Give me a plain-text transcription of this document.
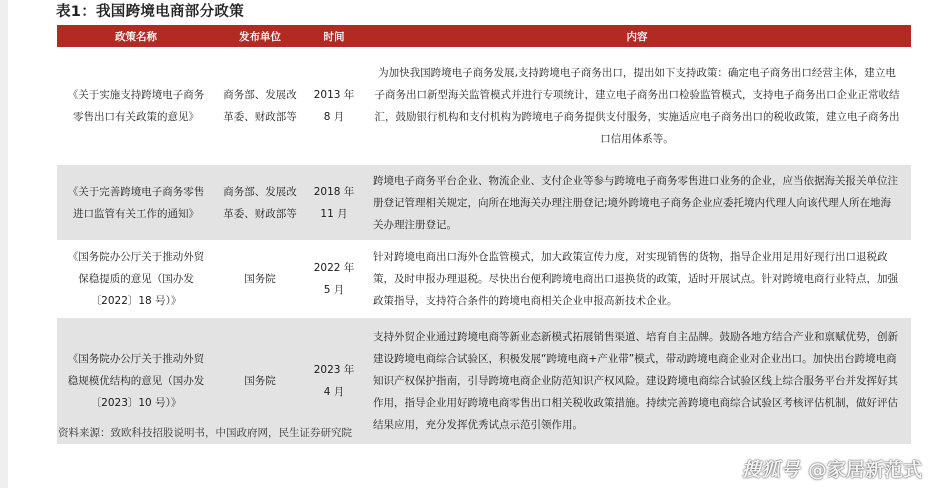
表1：我国跨境电商部分政策
政策名称	发布单位	时间	内容
《关于实施支持跨境电子商务零售出口有关政策的意见》	商务部、发展改革委、财政部等	2013 年 8 月	为加快我国跨境电子商务发展,支持跨境电子商务出口，提出如下支持政策：确定电子商务出口经营主体，建立电子商务出口新型海关监管模式并进行专项统计，建立电子商务出口检验监管模式，支持电子商务出口企业正常收结汇，鼓励银行机构和支付机构为跨境电子商务提供支付服务，实施适应电子商务出口的税收政策，建立电子商务出口信用体系等。
《关于完善跨境电子商务零售进口监管有关工作的通知》	商务部、发展改革委、财政部等	2018 年 11 月	跨境电子商务平台企业、物流企业、支付企业等参与跨境电子商务零售进口业务的企业，应当依据海关报关单位注册登记管理相关规定，向所在地海关办理注册登记;境外跨境电子商务企业应委托境内代理人向该代理人所在地海关办理注册登记。
《国务院办公厅关于推动外贸保稳提质的意见（国办发〔2022〕18 号）》	国务院	2022 年 5 月	针对跨境电商出口海外仓监管模式，加大政策宣传力度，对实现销售的货物，指导企业用足用好现行出口退税政策，及时申报办理退税。尽快出台便利跨境电商出口退换货的政策，适时开展试点。针对跨境电商行业特点，加强政策指导，支持符合条件的跨境电商相关企业申报高新技术企业。
《国务院办公厅关于推动外贸稳规模优结构的意见（国办发〔2023〕10 号）》	国务院	2023 年 4 月	支持外贸企业通过跨境电商等新业态新模式拓展销售渠道、培育自主品牌。鼓励各地方结合产业和禀赋优势，创新建设跨境电商综合试验区，积极发展“跨境电商+产业带”模式，带动跨境电商企业对企业出口。加快出台跨境电商知识产权保护指南，引导跨境电商企业防范知识产权风险。建设跨境电商综合试验区线上综合服务平台并发挥好其作用，指导企业用好跨境电商零售出口相关税收政策措施。持续完善跨境电商综合试验区考核评估机制，做好评估结果应用，充分发挥优秀试点示范引领作用。
资料来源：致欧科技招股说明书，中国政府网，民生证券研究院
搜狐号 @家居新范式
